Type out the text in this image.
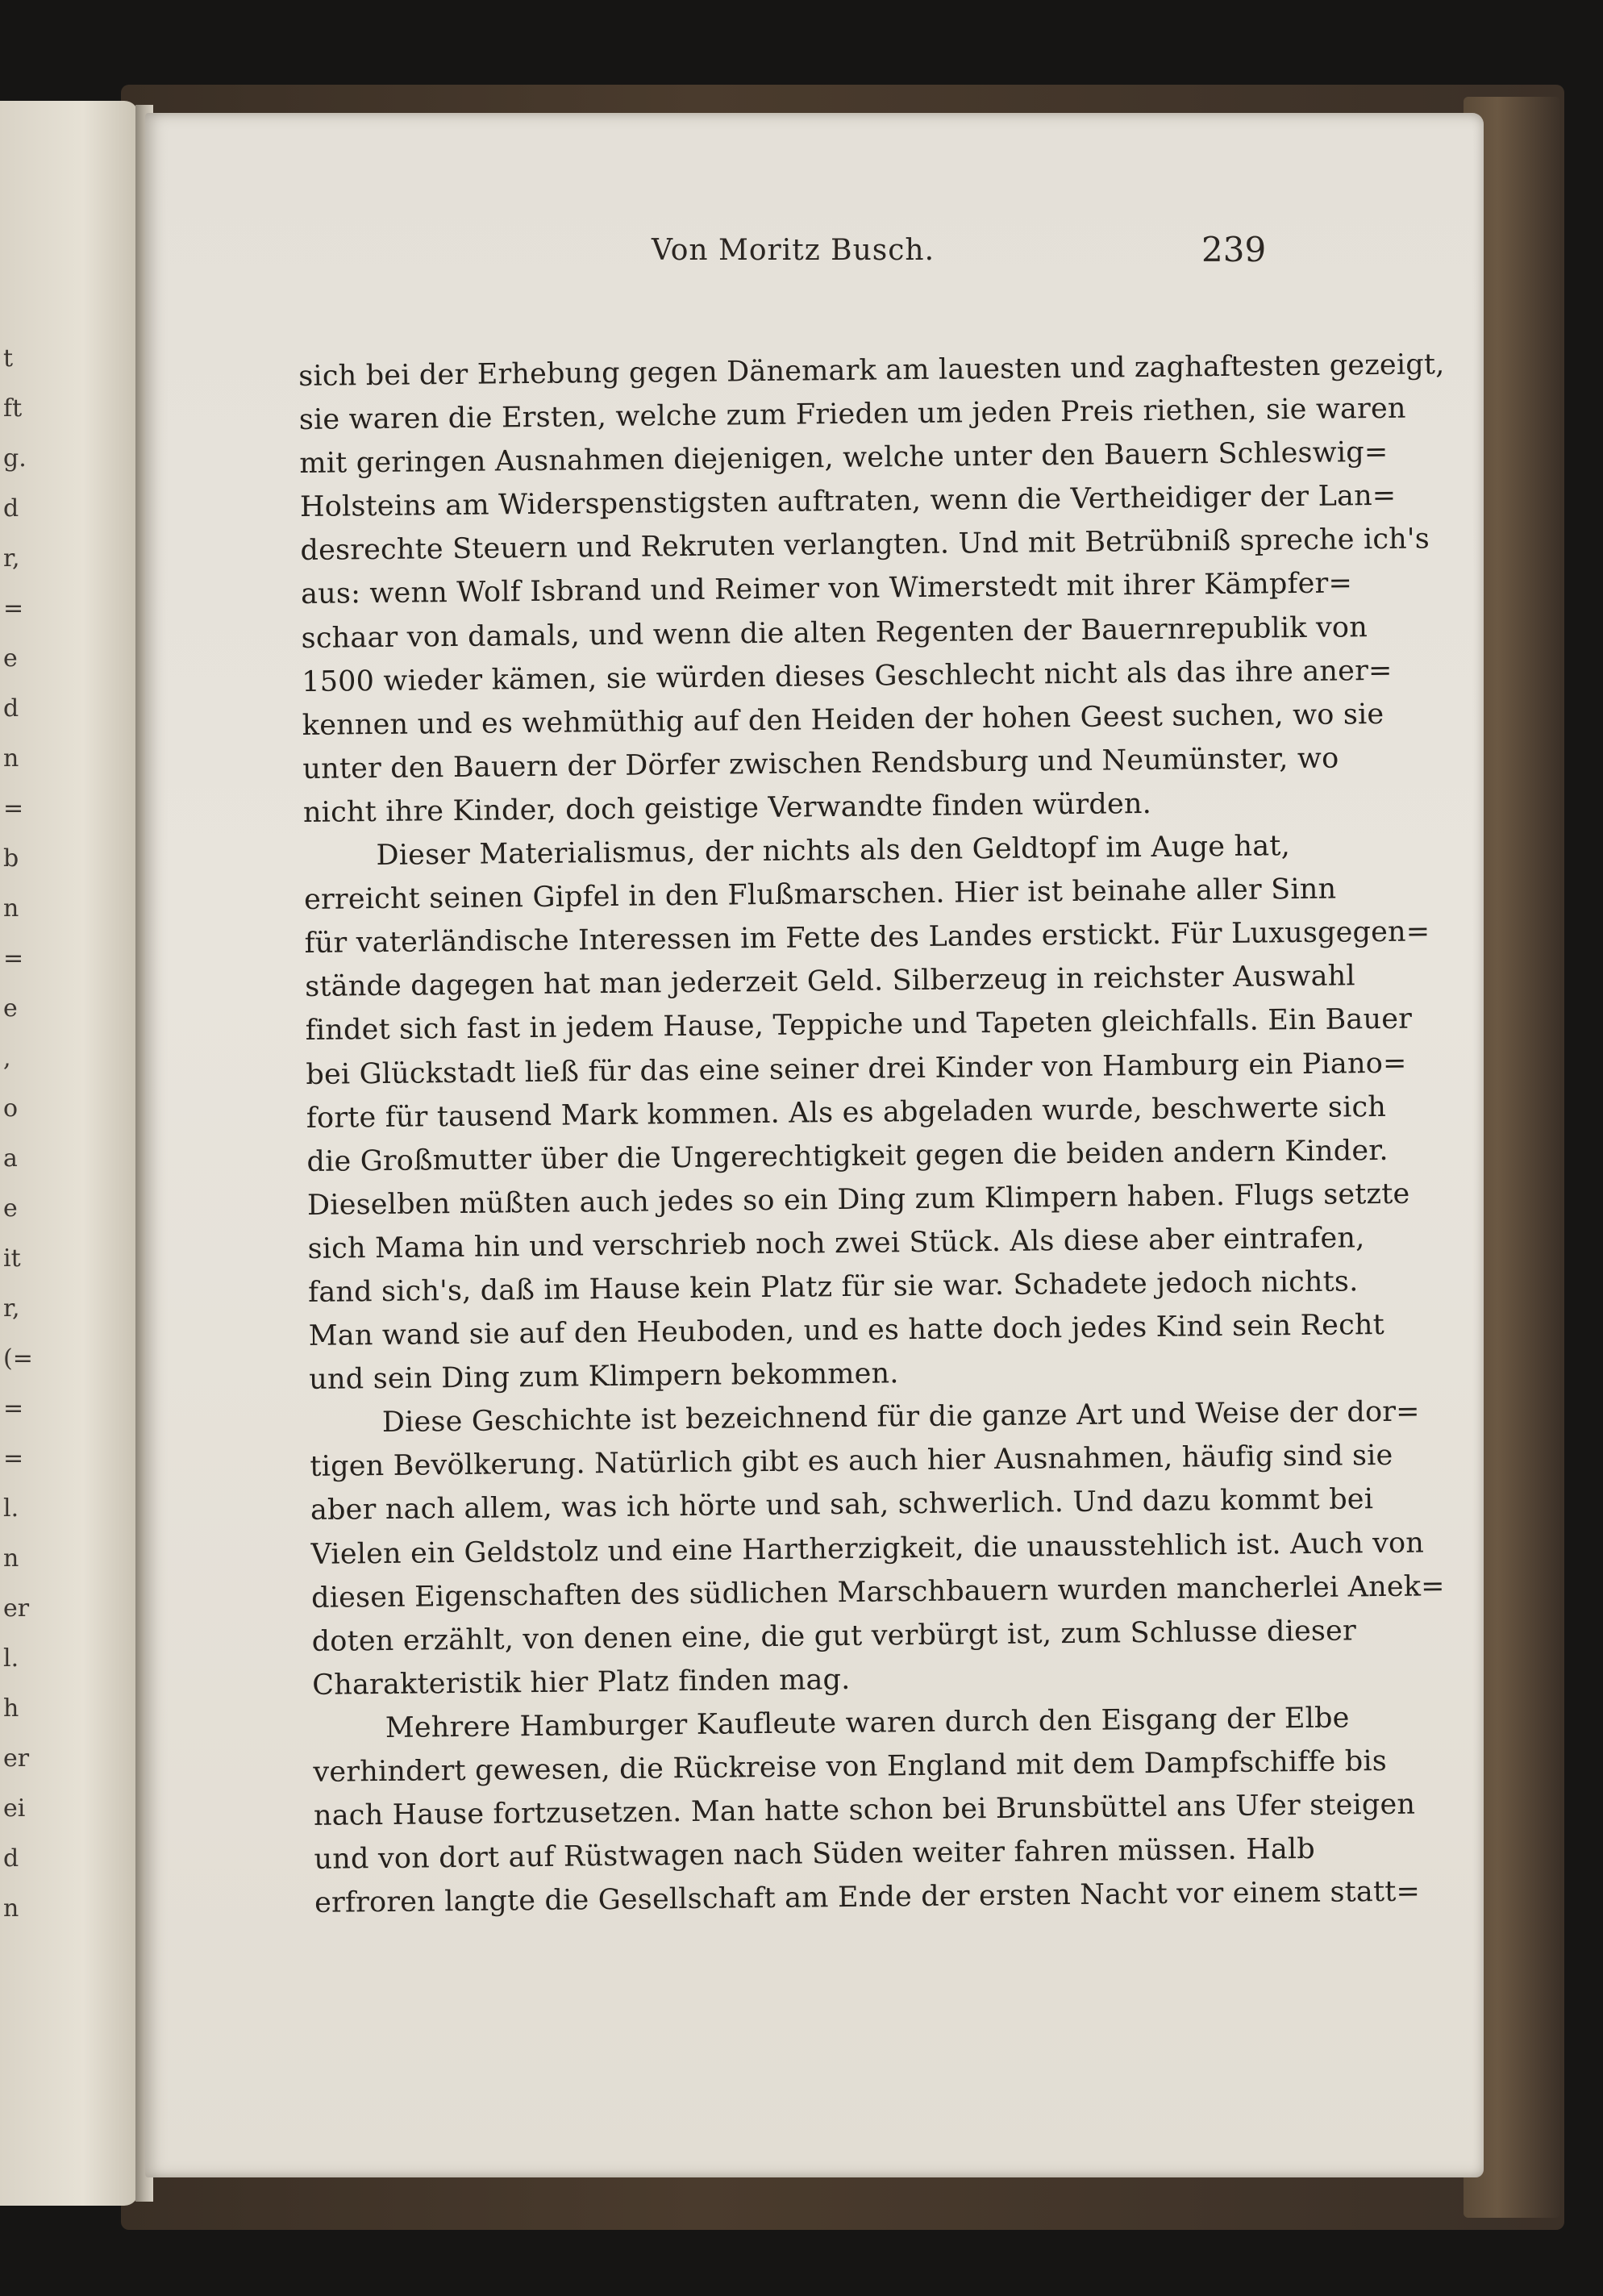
t
ft
g.
d
r,
=
e
d
n
=
b
n
=
e
,
o
a
e
it
r,
(=
=
=
l.
n
er
l.
h
er
ei
d
n
Von Moritz Busch.	239
sich bei der Erhebung gegen Dänemark am lauesten und zaghaftesten gezeigt,
sie waren die Ersten, welche zum Frieden um jeden Preis riethen, sie waren
mit geringen Ausnahmen diejenigen, welche unter den Bauern Schleswig=
Holsteins am Widerspenstigsten auftraten, wenn die Vertheidiger der Lan=
desrechte Steuern und Rekruten verlangten. Und mit Betrübniß spreche ich's
aus: wenn Wolf Isbrand und Reimer von Wimerstedt mit ihrer Kämpfer=
schaar von damals, und wenn die alten Regenten der Bauernrepublik von
1500 wieder kämen, sie würden dieses Geschlecht nicht als das ihre aner=
kennen und es wehmüthig auf den Heiden der hohen Geest suchen, wo sie
unter den Bauern der Dörfer zwischen Rendsburg und Neumünster, wo
nicht ihre Kinder, doch geistige Verwandte finden würden.
Dieser Materialismus, der nichts als den Geldtopf im Auge hat,
erreicht seinen Gipfel in den Flußmarschen. Hier ist beinahe aller Sinn
für vaterländische Interessen im Fette des Landes erstickt. Für Luxusgegen=
stände dagegen hat man jederzeit Geld. Silberzeug in reichster Auswahl
findet sich fast in jedem Hause, Teppiche und Tapeten gleichfalls. Ein Bauer
bei Glückstadt ließ für das eine seiner drei Kinder von Hamburg ein Piano=
forte für tausend Mark kommen. Als es abgeladen wurde, beschwerte sich
die Großmutter über die Ungerechtigkeit gegen die beiden andern Kinder.
Dieselben müßten auch jedes so ein Ding zum Klimpern haben. Flugs setzte
sich Mama hin und verschrieb noch zwei Stück. Als diese aber eintrafen,
fand sich's, daß im Hause kein Platz für sie war. Schadete jedoch nichts.
Man wand sie auf den Heuboden, und es hatte doch jedes Kind sein Recht
und sein Ding zum Klimpern bekommen.
Diese Geschichte ist bezeichnend für die ganze Art und Weise der dor=
tigen Bevölkerung. Natürlich gibt es auch hier Ausnahmen, häufig sind sie
aber nach allem, was ich hörte und sah, schwerlich. Und dazu kommt bei
Vielen ein Geldstolz und eine Hartherzigkeit, die unausstehlich ist. Auch von
diesen Eigenschaften des südlichen Marschbauern wurden mancherlei Anek=
doten erzählt, von denen eine, die gut verbürgt ist, zum Schlusse dieser
Charakteristik hier Platz finden mag.
Mehrere Hamburger Kaufleute waren durch den Eisgang der Elbe
verhindert gewesen, die Rückreise von England mit dem Dampfschiffe bis
nach Hause fortzusetzen. Man hatte schon bei Brunsbüttel ans Ufer steigen
und von dort auf Rüstwagen nach Süden weiter fahren müssen. Halb
erfroren langte die Gesellschaft am Ende der ersten Nacht vor einem statt=
